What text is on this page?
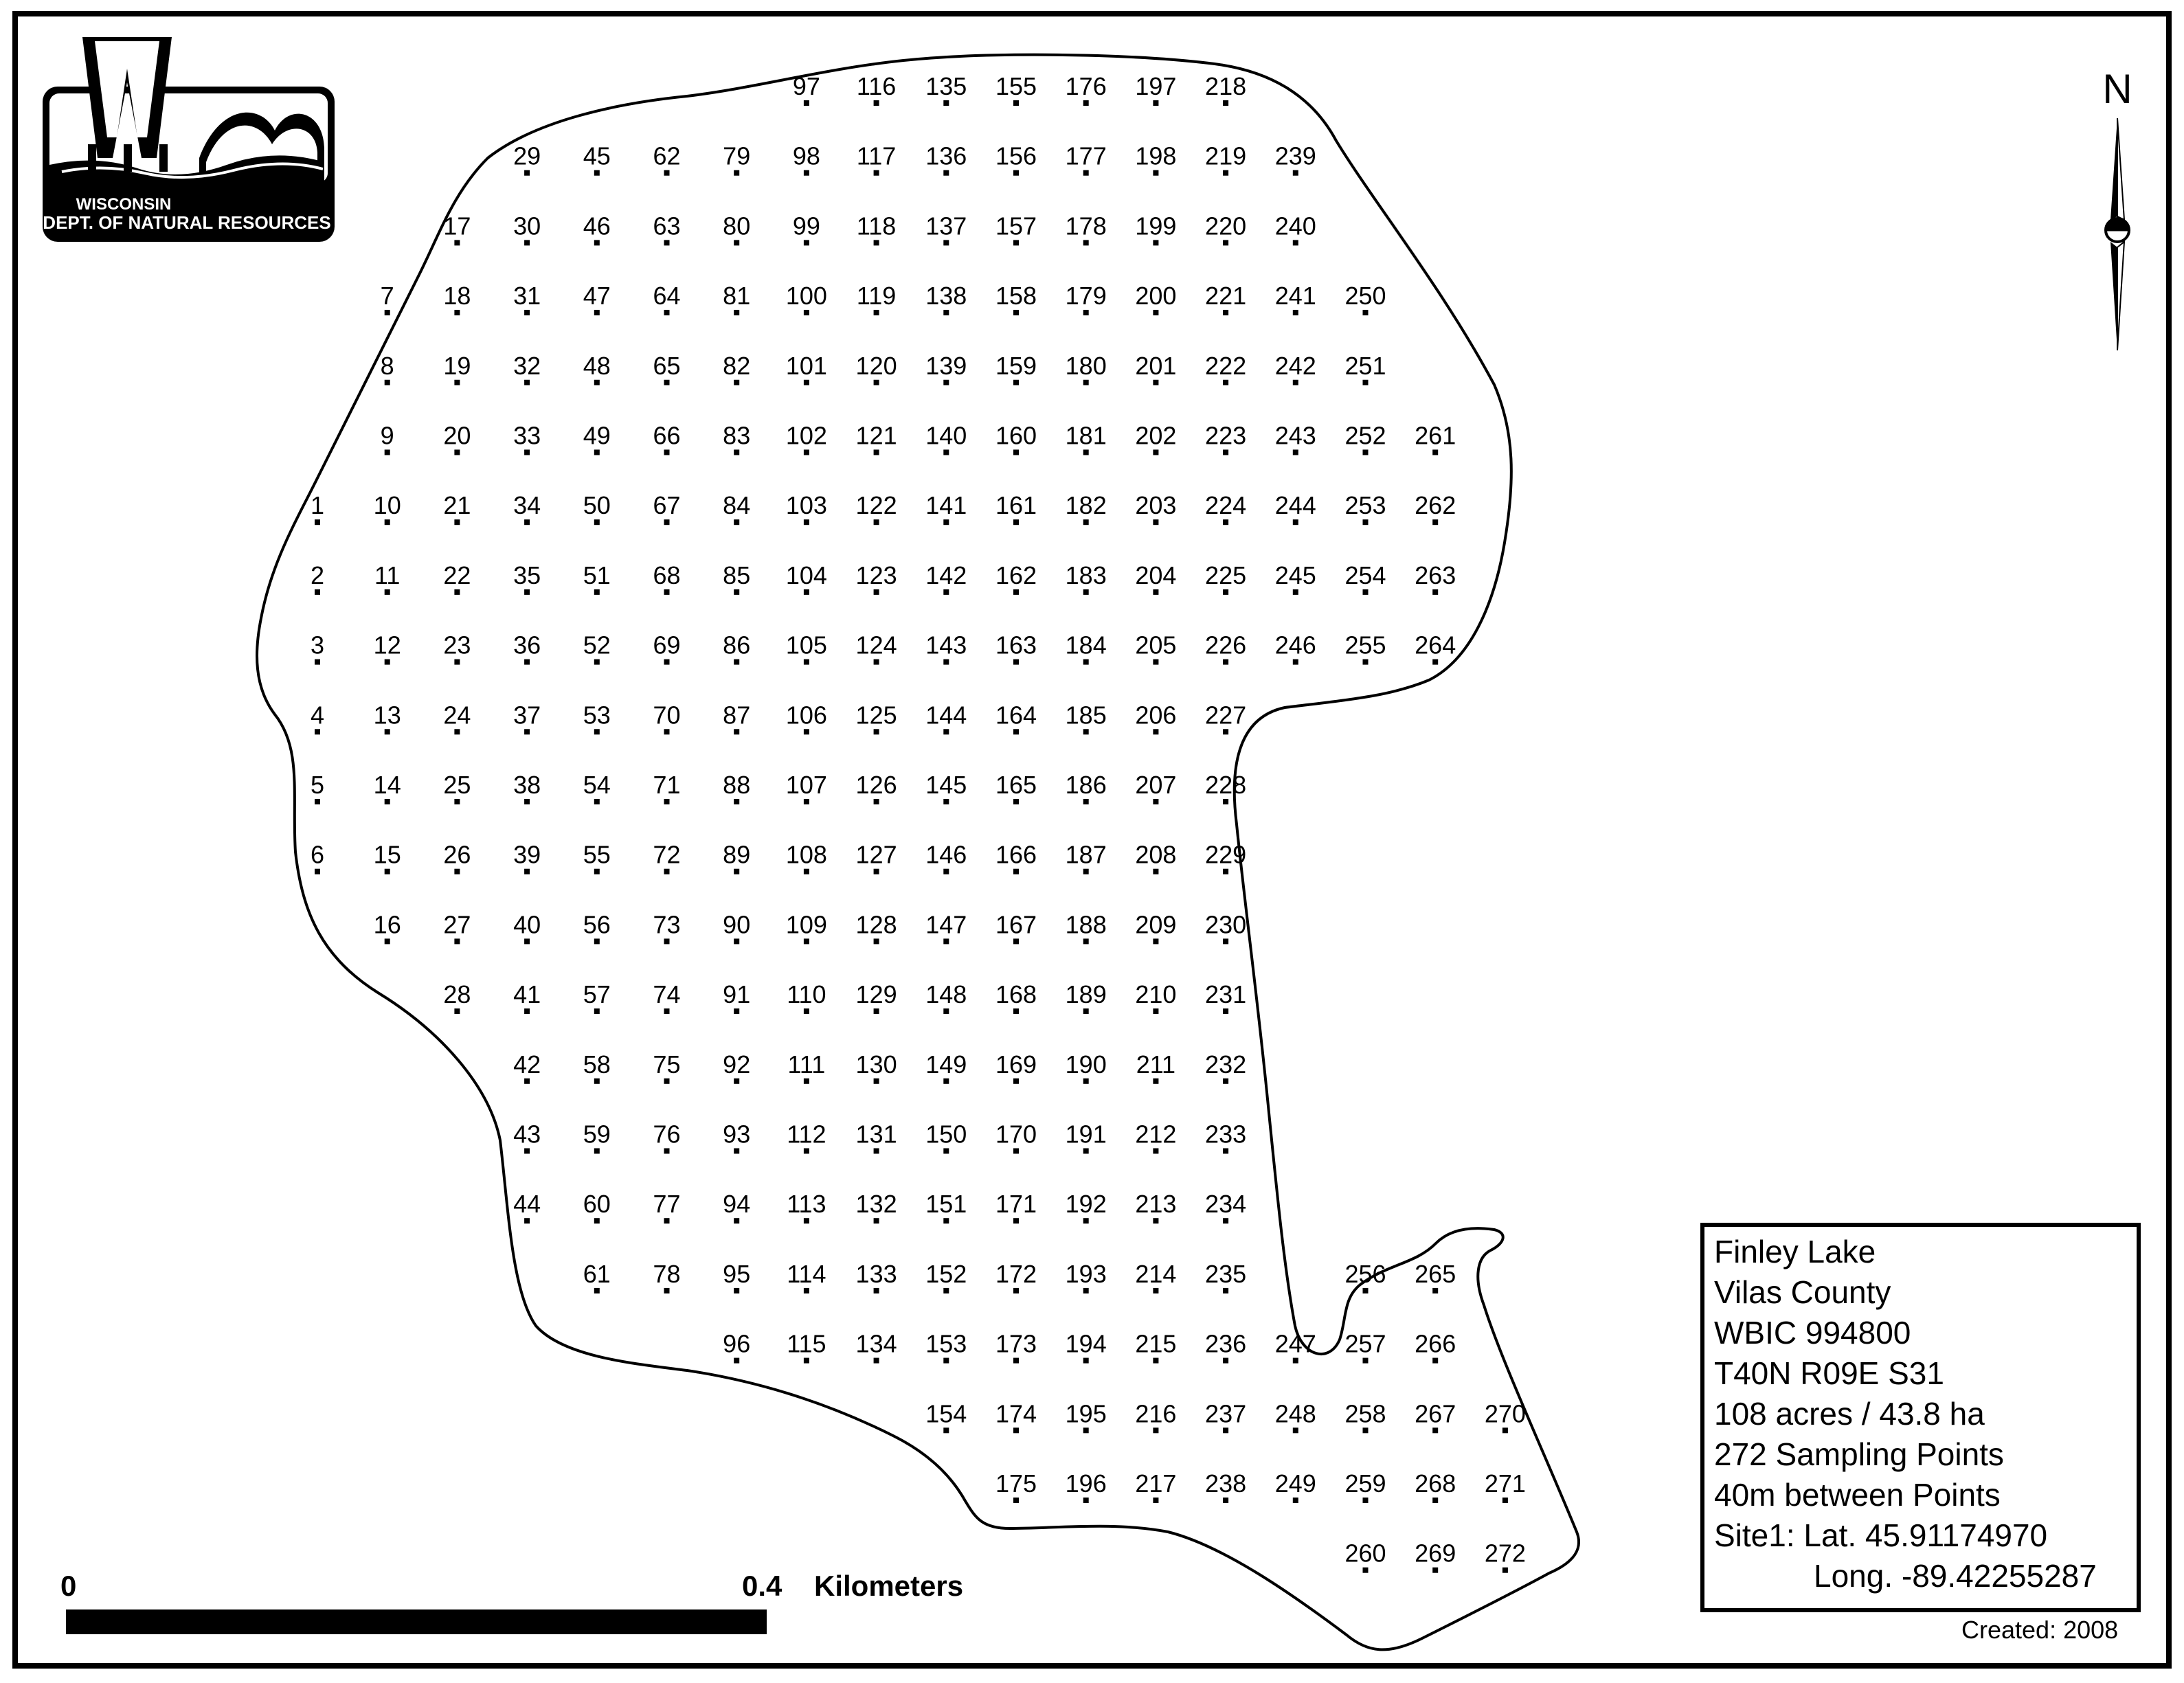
1
2
3
4
5
6
7
8
9
10
11
12
13
14
15
16
17
18
19
20
21
22
23
24
25
26
27
28
29
30
31
32
33
34
35
36
37
38
39
40
41
42
43
44
45
46
47
48
49
50
51
52
53
54
55
56
57
58
59
60
61
62
63
64
65
66
67
68
69
70
71
72
73
74
75
76
77
78
79
80
81
82
83
84
85
86
87
88
89
90
91
92
93
94
95
96
97
98
99
100
101
102
103
104
105
106
107
108
109
110
111
112
113
114
115
116
117
118
119
120
121
122
123
124
125
126
127
128
129
130
131
132
133
134
135
136
137
138
139
140
141
142
143
144
145
146
147
148
149
150
151
152
153
154
155
156
157
158
159
160
161
162
163
164
165
166
167
168
169
170
171
172
173
174
175
176
177
178
179
180
181
182
183
184
185
186
187
188
189
190
191
192
193
194
195
196
197
198
199
200
201
202
203
204
205
206
207
208
209
210
211
212
213
214
215
216
217
218
219
220
221
222
223
224
225
226
227
228
229
230
231
232
233
234
235
236
237
238
239
240
241
242
243
244
245
246
247
248
249
250
251
252
253
254
255
256
257
258
259
260
261
262
263
264
265
266
267
268
269
270
271
272
WISCONSIN
DEPT. OF NATURAL RESOURCES
N
0	0.4 Kilometers
Finley Lake
Vilas County
WBIC 994800
T40N R09E S31
108 acres / 43.8 ha
272 Sampling Points
40m between Points
Site1: Lat. 45.91174970
Long. -89.42255287
Created: 2008
